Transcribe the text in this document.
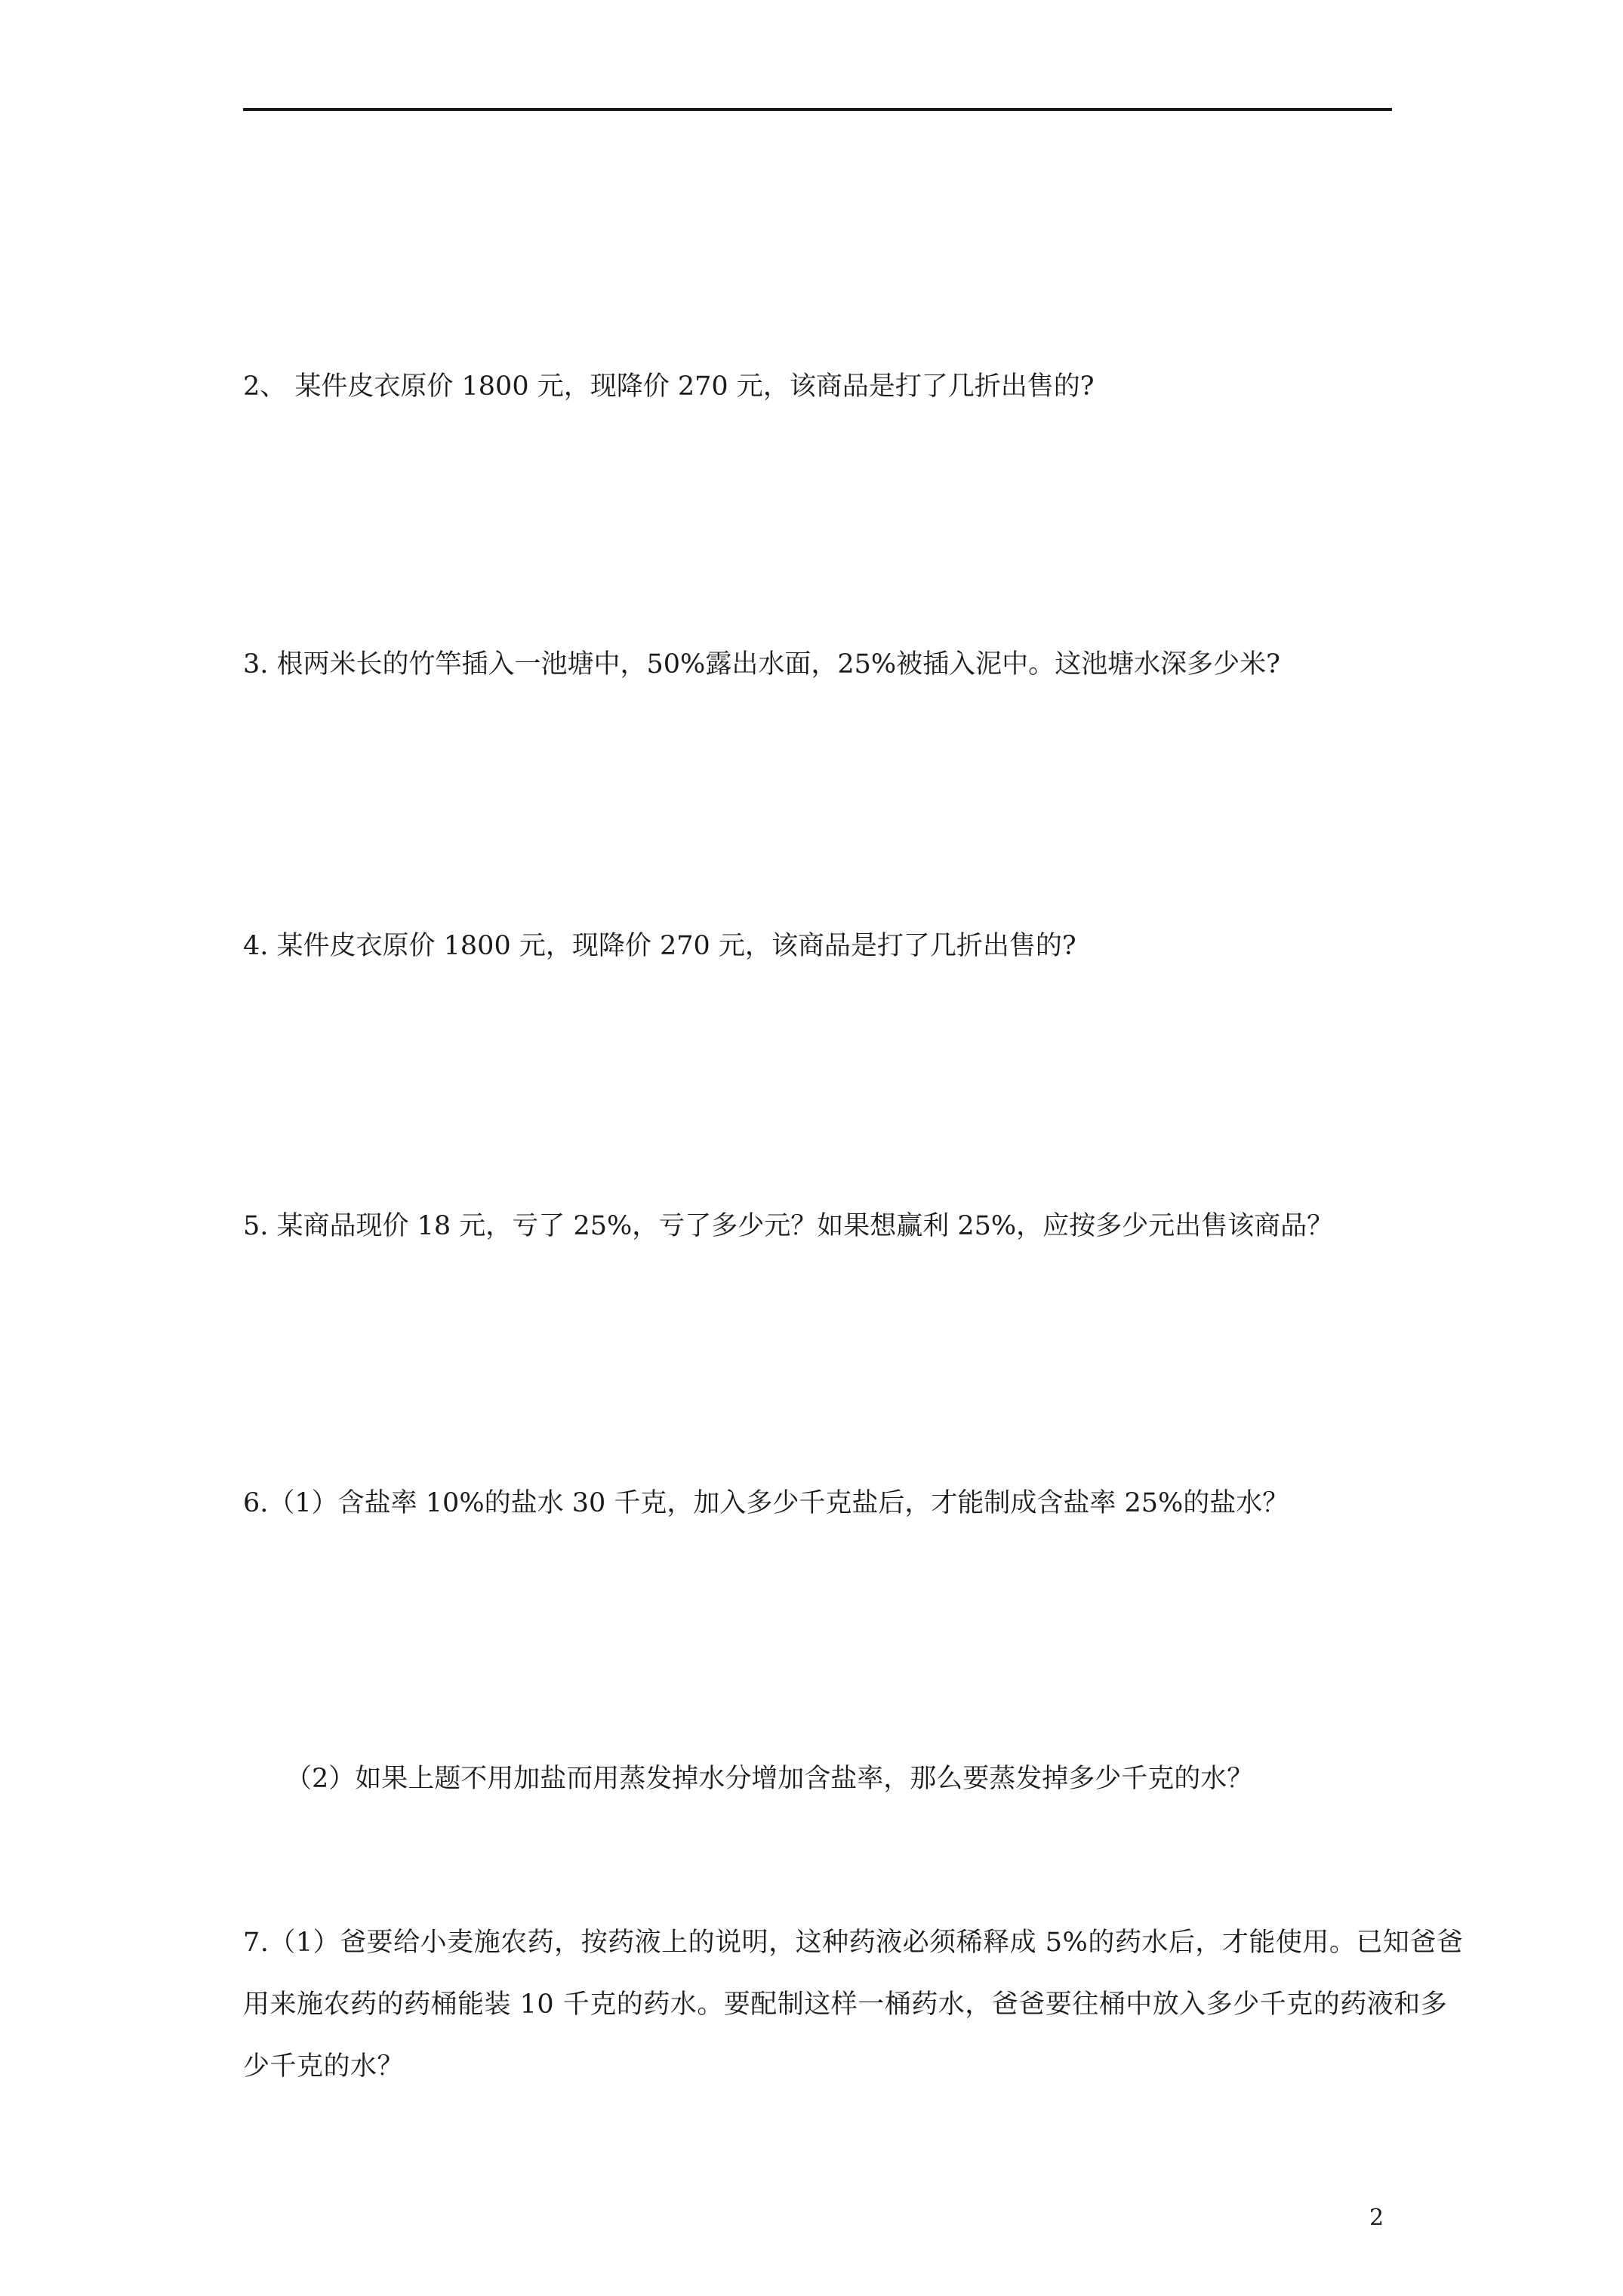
2、 某件皮衣原价 1800 元，现降价 270 元，该商品是打了几折出售的?

3. 根两米长的竹竿插入一池塘中，50%露出水面，25%被插入泥中。这池塘水深多少米?

4. 某件皮衣原价 1800 元，现降价 270 元，该商品是打了几折出售的?

5. 某商品现价 18 元，亏了 25%，亏了多少元？如果想赢利 25%，应按多少元出售该商品？

6.（1）含盐率 10%的盐水 30 千克，加入多少千克盐后，才能制成含盐率 25%的盐水？

（2）如果上题不用加盐而用蒸发掉水分增加含盐率，那么要蒸发掉多少千克的水？

7.（1）爸要给小麦施农药，按药液上的说明，这种药液必须稀释成 5%的药水后，才能使用。已知爸爸用来施农药的药桶能装 10 千克的药水。要配制这样一桶药水，爸爸要往桶中放入多少千克的药液和多少千克的水？

2
